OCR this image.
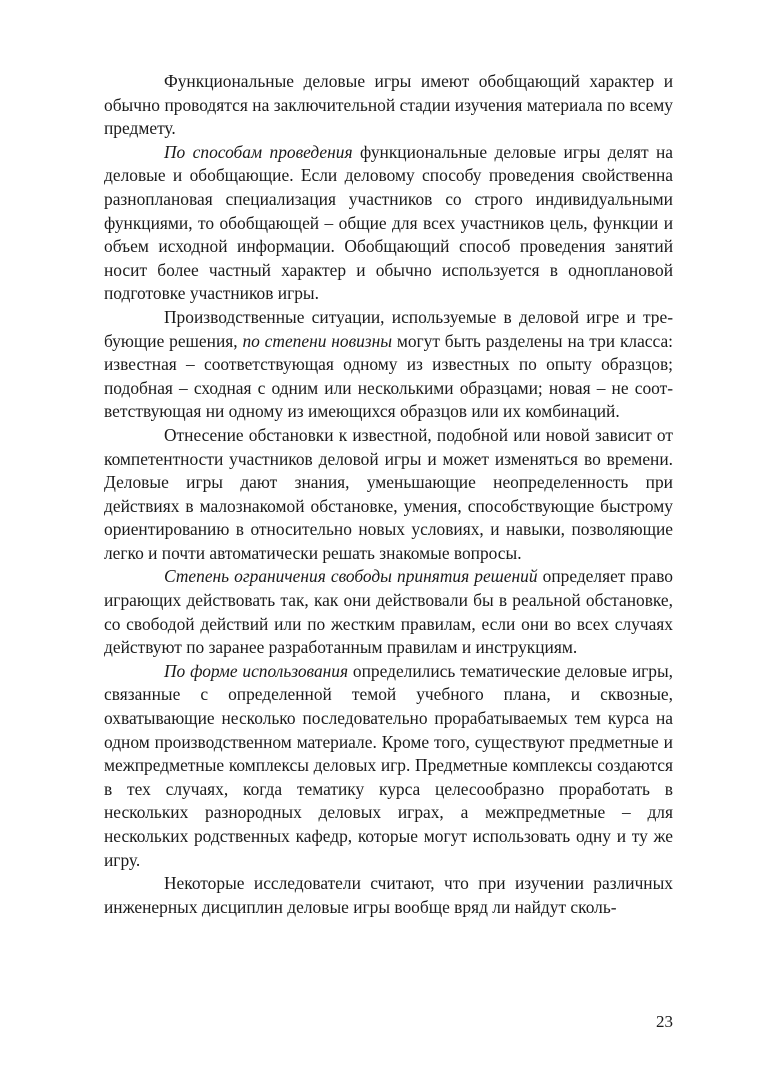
Функциональные деловые игры имеют обобщающий характер и обычно проводятся на заключительной стадии изучения материала по всему предмету.

По способам проведения функциональные деловые игры делят на деловые и обобщающие. Если деловому способу проведения свойственна разноплановая специализация участников со строго индивидуальными функциями, то обобщающей – общие для всех участников цель, функции и объем исходной информации. Обобщающий способ проведения занятий носит более частный характер и обычно используется в одноплановой подготовке участников игры.

Производственные ситуации, используемые в деловой игре и требующие решения, по степени новизны могут быть разделены на три класса: известная – соответствующая одному из известных по опыту образцов; подобная – сходная с одним или несколькими образцами; новая – не соответствующая ни одному из имеющихся образцов или их комбинаций.

Отнесение обстановки к известной, подобной или новой зависит от компетентности участников деловой игры и может изменяться во времени. Деловые игры дают знания, уменьшающие неопределенность при действиях в малознакомой обстановке, умения, способствующие быстрому ориентированию в относительно новых условиях, и навыки, позволяющие легко и почти автоматически решать знакомые вопросы.

Степень ограничения свободы принятия решений определяет право играющих действовать так, как они действовали бы в реальной обстановке, со свободой действий или по жестким правилам, если они во всех случаях действуют по заранее разработанным правилам и инструкциям.

По форме использования определились тематические деловые игры, связанные с определенной темой учебного плана, и сквозные, охватывающие несколько последовательно прорабатываемых тем курса на одном производственном материале. Кроме того, существуют предметные и межпредметные комплексы деловых игр. Предметные комплексы создаются в тех случаях, когда тематику курса целесообразно проработать в нескольких разнородных деловых играх, а межпредметные – для нескольких родственных кафедр, которые могут использовать одну и ту же игру.

Некоторые исследователи считают, что при изучении различных инженерных дисциплин деловые игры вообще вряд ли найдут сколь-

23
